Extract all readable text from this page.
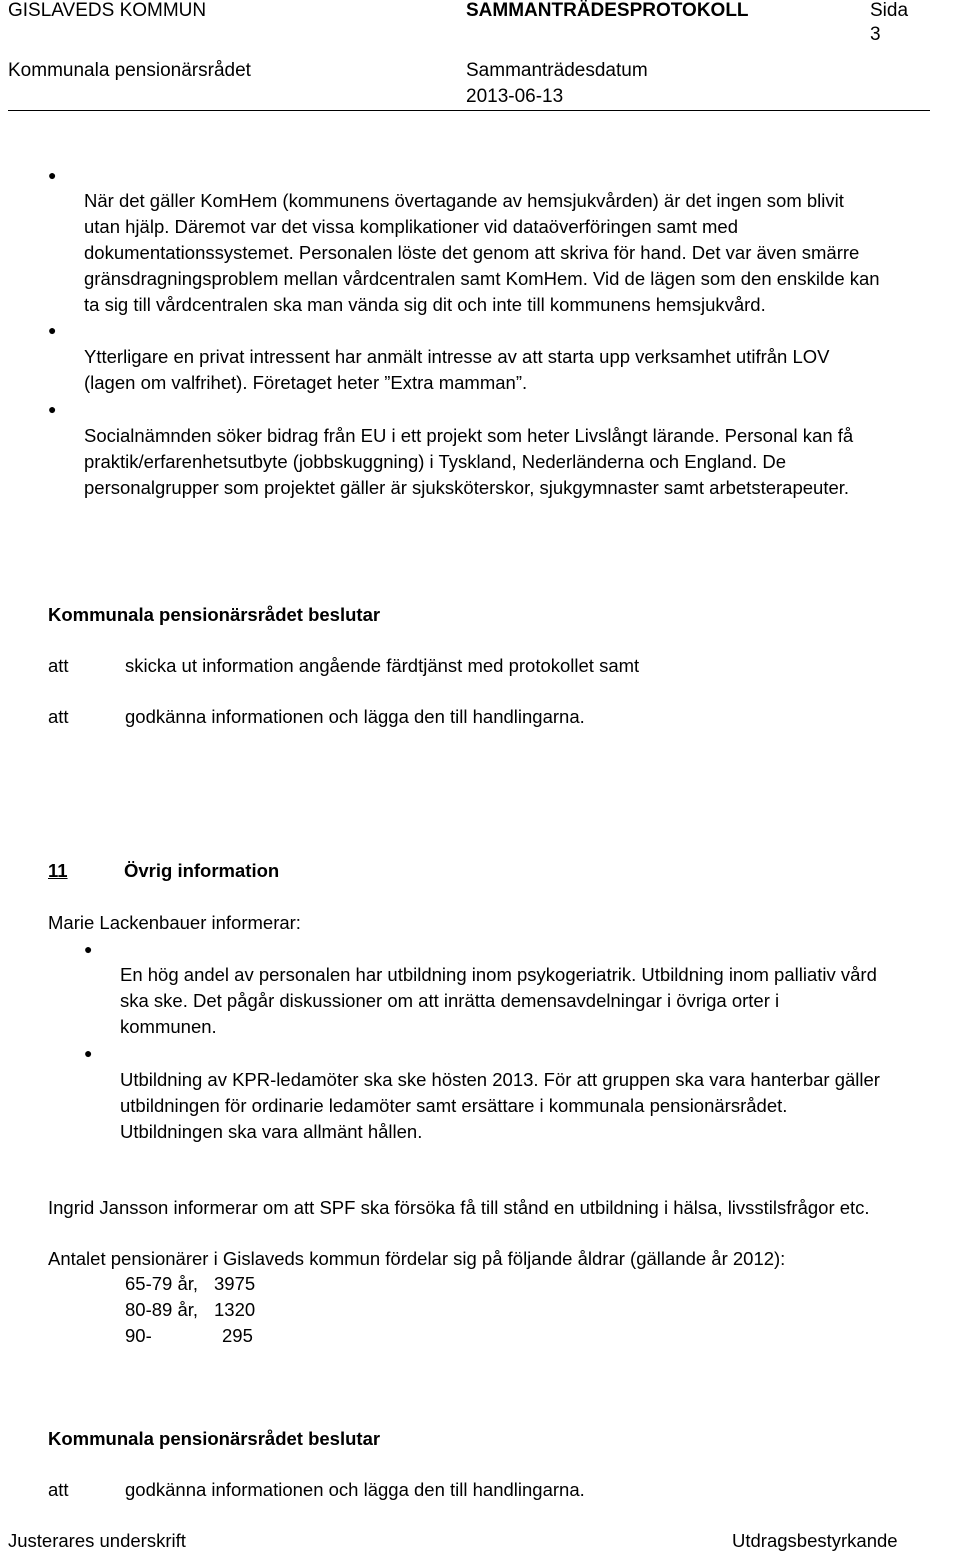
GISLAVEDS KOMMUN	SAMMANTRÄDESPROTOKOLL	Sida
3
Kommunala pensionärsrådet	Sammanträdesdatum
2013-06-13
●
När det gäller KomHem (kommunens övertagande av hemsjukvården) är det ingen som blivit
utan hjälp. Däremot var det vissa komplikationer vid dataöverföringen samt med
dokumentationssystemet. Personalen löste det genom att skriva för hand. Det var även smärre
gränsdragningsproblem mellan vårdcentralen samt KomHem. Vid de lägen som den enskilde kan
ta sig till vårdcentralen ska man vända sig dit och inte till kommunens hemsjukvård.
●
Ytterligare en privat intressent har anmält intresse av att starta upp verksamhet utifrån LOV
(lagen om valfrihet). Företaget heter ”Extra mamman”.
●
Socialnämnden söker bidrag från EU i ett projekt som heter Livslångt lärande. Personal kan få
praktik/erfarenhetsutbyte (jobbskuggning) i Tyskland, Nederländerna och England. De
personalgrupper som projektet gäller är sjuksköterskor, sjukgymnaster samt arbetsterapeuter.
Kommunala pensionärsrådet beslutar
att	skicka ut information angående färdtjänst med protokollet samt
att	godkänna informationen och lägga den till handlingarna.
11	Övrig information
Marie Lackenbauer informerar:
●
En hög andel av personalen har utbildning inom psykogeriatrik. Utbildning inom palliativ vård
ska ske. Det pågår diskussioner om att inrätta demensavdelningar i övriga orter i
kommunen.
●
Utbildning av KPR-ledamöter ska ske hösten 2013. För att gruppen ska vara hanterbar gäller
utbildningen för ordinarie ledamöter samt ersättare i kommunala pensionärsrådet.
Utbildningen ska vara allmänt hållen.
Ingrid Jansson informerar om att SPF ska försöka få till stånd en utbildning i hälsa, livsstilsfrågor etc.
Antalet pensionärer i Gislaveds kommun fördelar sig på följande åldrar (gällande år 2012):
65-79 år, 3975
80-89 år, 1320
90-	295
Kommunala pensionärsrådet beslutar
att	godkänna informationen och lägga den till handlingarna.
Justerares underskrift	Utdragsbestyrkande
